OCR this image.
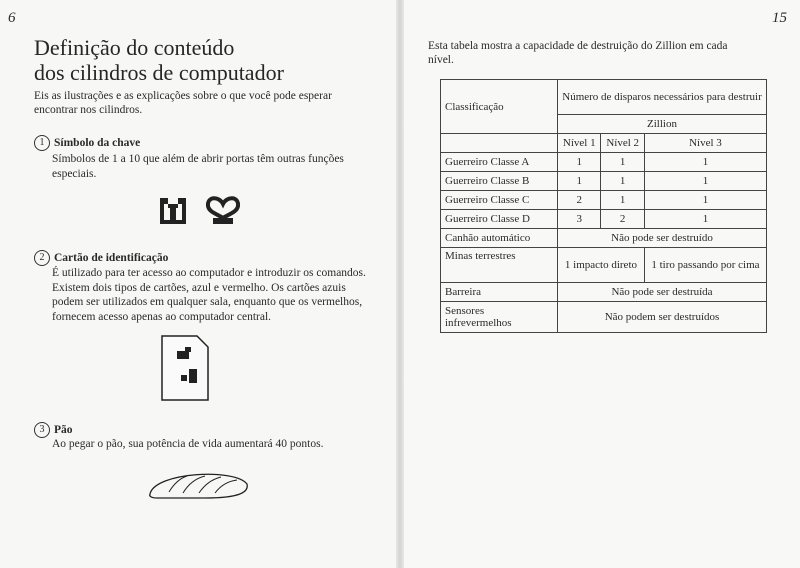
6	15
Definição do conteúdo
dos cilindros de computador
Eis as ilustrações e as explicações sobre o que você pode esperar encontrar nos cilindros.
1 Símbolo da chave
Símbolos de 1 a 10 que além de abrir portas têm outras funções especiais.
2 Cartão de identificação
É utilizado para ter acesso ao computador e introduzir os comandos. Existem dois tipos de cartões, azul e vermelho. Os cartões azuis podem ser utilizados em qualquer sala, enquanto que os vermelhos, fornecem acesso apenas ao computador central.
3 Pão
Ao pegar o pão, sua potência de vida aumentará 40 pontos.
Esta tabela mostra a capacidade de destruição do Zillion em cada nível.
Classificação	Número de disparos necessários para destruir		
	Zillion		
	Nível 1	Nível 2	Nível 3
Guerreiro Classe A	1	1	1
Guerreiro Classe B	1	1	1
Guerreiro Classe C	2	1	1
Guerreiro Classe D	3	2	1
Canhão automático	Não pode ser destruído		
Minas terrestres	1 impacto direto		1 tiro passando por cima
Barreira	Não pode ser destruída		
Sensores infrevermelhos	Não podem ser destruídos		
